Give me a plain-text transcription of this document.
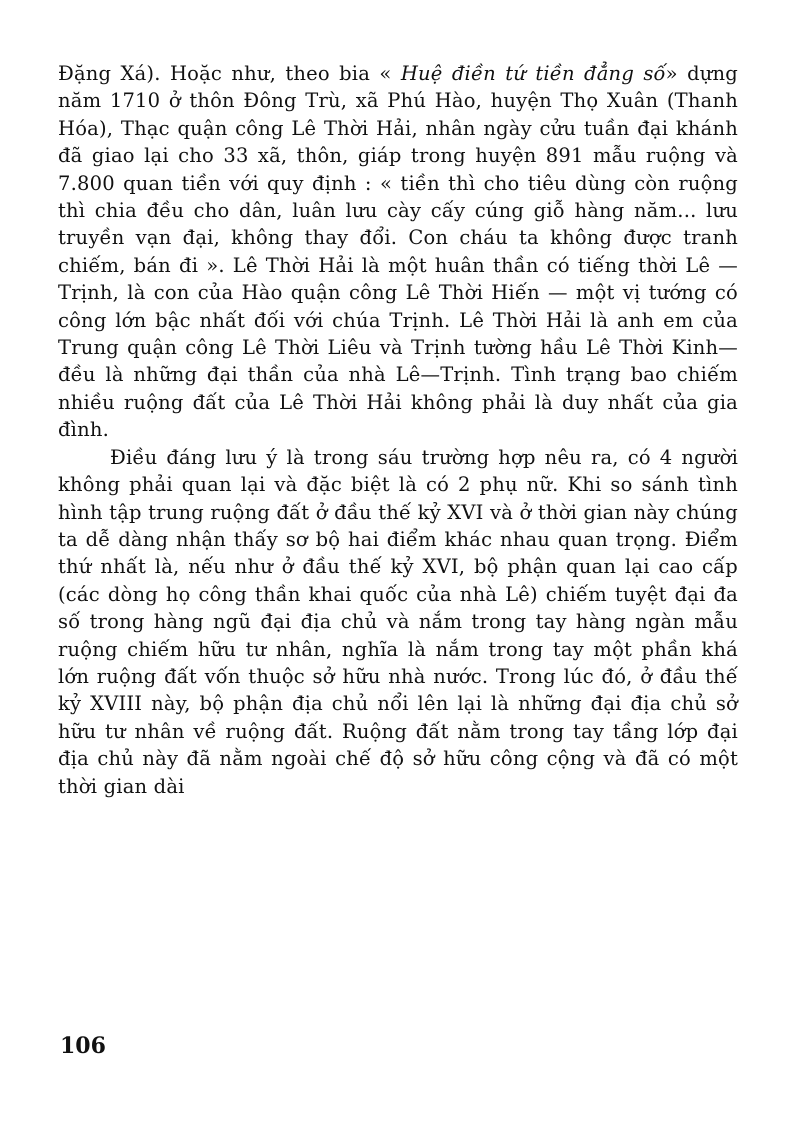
Đặng Xá). Hoặc như, theo bia « Huệ điền tứ tiền đẳng số» dựng năm 1710 ở thôn Đông Trù, xã Phú Hào, huyện Thọ Xuân (Thanh Hóa), Thạc quận công Lê Thời Hải, nhân ngày cửu tuần đại khánh đã giao lại cho 33 xã, thôn, giáp trong huyện 891 mẫu ruộng và 7.800 quan tiền với quy định : « tiền thì cho tiêu dùng còn ruộng thì chia đều cho dân, luân lưu cày cấy cúng giỗ hàng năm... lưu truyền vạn đại, không thay đổi. Con cháu ta không được tranh chiếm, bán đi ». Lê Thời Hải là một huân thần có tiếng thời Lê — Trịnh, là con của Hào quận công Lê Thời Hiến — một vị tướng có công lớn bậc nhất đối với chúa Trịnh. Lê Thời Hải là anh em của Trung quận công Lê Thời Liêu và Trịnh tường hầu Lê Thời Kinh—đều là những đại thần của nhà Lê—Trịnh. Tình trạng bao chiếm nhiều ruộng đất của Lê Thời Hải không phải là duy nhất của gia đình.

Điều đáng lưu ý là trong sáu trường hợp nêu ra, có 4 người không phải quan lại và đặc biệt là có 2 phụ nữ. Khi so sánh tình hình tập trung ruộng đất ở đầu thế kỷ XVI và ở thời gian này chúng ta dễ dàng nhận thấy sơ bộ hai điểm khác nhau quan trọng. Điểm thứ nhất là, nếu như ở đầu thế kỷ XVI, bộ phận quan lại cao cấp (các dòng họ công thần khai quốc của nhà Lê) chiếm tuyệt đại đa số trong hàng ngũ đại địa chủ và nắm trong tay hàng ngàn mẫu ruộng chiếm hữu tư nhân, nghĩa là nắm trong tay một phần khá lớn ruộng đất vốn thuộc sở hữu nhà nước. Trong lúc đó, ở đầu thế kỷ XVIII này, bộ phận địa chủ nổi lên lại là những đại địa chủ sở hữu tư nhân về ruộng đất. Ruộng đất nằm trong tay tầng lớp đại địa chủ này đã nằm ngoài chế độ sở hữu công cộng và đã có một thời gian dài

106
